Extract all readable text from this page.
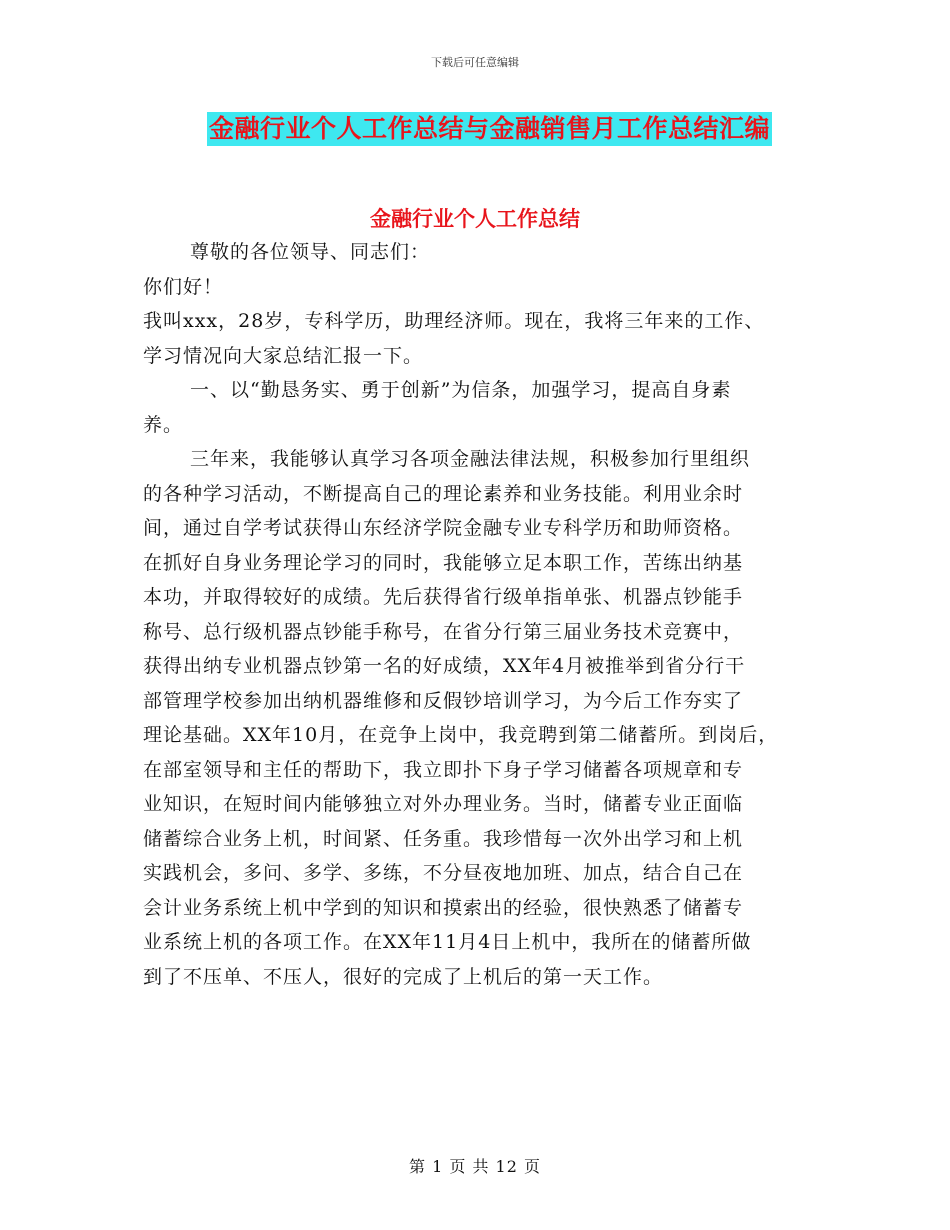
下载后可任意编辑
金融行业个人工作总结与金融销售月工作总结汇编
金融行业个人工作总结
尊敬的各位领导、同志们：
你们好！
我叫xxx，28岁，专科学历，助理经济师。现在，我将三年来的工作、
学习情况向大家总结汇报一下。
一、以“勤恳务实、勇于创新”为信条，加强学习，提高自身素
养。
三年来，我能够认真学习各项金融法律法规，积极参加行里组织
的各种学习活动，不断提高自己的理论素养和业务技能。利用业余时
间，通过自学考试获得山东经济学院金融专业专科学历和助师资格。
在抓好自身业务理论学习的同时，我能够立足本职工作，苦练出纳基
本功，并取得较好的成绩。先后获得省行级单指单张、机器点钞能手
称号、总行级机器点钞能手称号，在省分行第三届业务技术竞赛中，
获得出纳专业机器点钞第一名的好成绩，XX年4月被推举到省分行干
部管理学校参加出纳机器维修和反假钞培训学习，为今后工作夯实了
理论基础。XX年10月，在竞争上岗中，我竞聘到第二储蓄所。到岗后，
在部室领导和主任的帮助下，我立即扑下身子学习储蓄各项规章和专
业知识，在短时间内能够独立对外办理业务。当时，储蓄专业正面临
储蓄综合业务上机，时间紧、任务重。我珍惜每一次外出学习和上机
实践机会，多问、多学、多练，不分昼夜地加班、加点，结合自己在
会计业务系统上机中学到的知识和摸索出的经验，很快熟悉了储蓄专
业系统上机的各项工作。在XX年11月4日上机中，我所在的储蓄所做
到了不压单、不压人，很好的完成了上机后的第一天工作。
第 1 页 共 12 页
